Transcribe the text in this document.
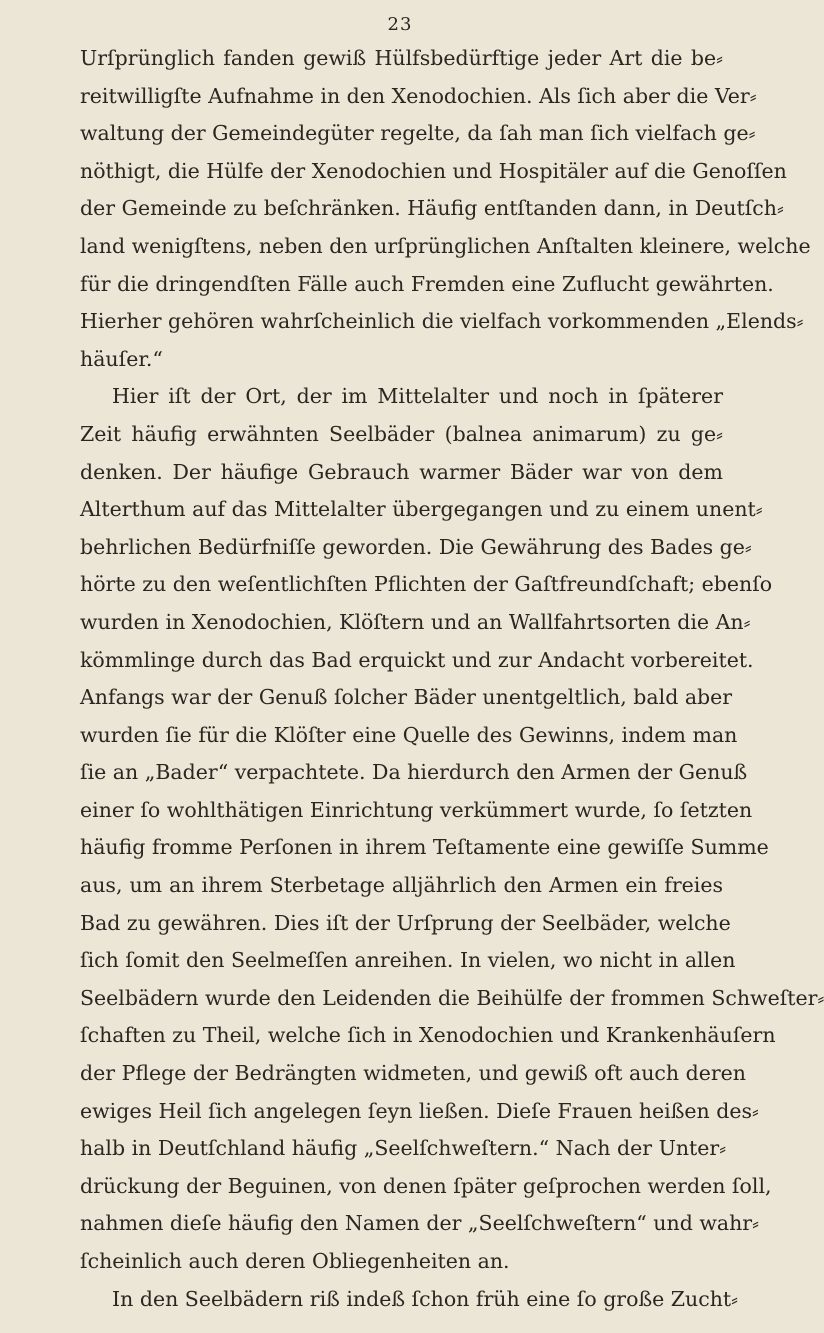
23
Urſprünglich fanden gewiß Hülfsbedürftige jeder Art die be⸗
reitwilligſte Aufnahme in den Xenodochien. Als ſich aber die Ver⸗
waltung der Gemeindegüter regelte, da ſah man ſich vielfach ge⸗
nöthigt, die Hülfe der Xenodochien und Hospitäler auf die Genoſſen
der Gemeinde zu beſchränken. Häufig entſtanden dann, in Deutſch⸗
land wenigſtens, neben den urſprünglichen Anſtalten kleinere, welche
für die dringendſten Fälle auch Fremden eine Zuflucht gewährten.
Hierher gehören wahrſcheinlich die vielfach vorkommenden „Elends⸗
häuſer.“
Hier iſt der Ort, der im Mittelalter und noch in ſpäterer
Zeit häufig erwähnten Seelbäder (balnea animarum) zu ge⸗
denken. Der häufige Gebrauch warmer Bäder war von dem
Alterthum auf das Mittelalter übergegangen und zu einem unent⸗
behrlichen Bedürfniſſe geworden. Die Gewährung des Bades ge⸗
hörte zu den weſentlichſten Pflichten der Gaſtfreundſchaft; ebenſo
wurden in Xenodochien, Klöſtern und an Wallfahrtsorten die An⸗
kömmlinge durch das Bad erquickt und zur Andacht vorbereitet.
Anfangs war der Genuß ſolcher Bäder unentgeltlich, bald aber
wurden ſie für die Klöſter eine Quelle des Gewinns, indem man
ſie an „Bader“ verpachtete. Da hierdurch den Armen der Genuß
einer ſo wohlthätigen Einrichtung verkümmert wurde, ſo ſetzten
häufig fromme Perſonen in ihrem Teſtamente eine gewiſſe Summe
aus, um an ihrem Sterbetage alljährlich den Armen ein freies
Bad zu gewähren. Dies iſt der Urſprung der Seelbäder, welche
ſich ſomit den Seelmeſſen anreihen. In vielen, wo nicht in allen
Seelbädern wurde den Leidenden die Beihülfe der frommen Schweſter⸗
ſchaften zu Theil, welche ſich in Xenodochien und Krankenhäuſern
der Pflege der Bedrängten widmeten, und gewiß oft auch deren
ewiges Heil ſich angelegen ſeyn ließen. Dieſe Frauen heißen des⸗
halb in Deutſchland häufig „Seelſchweſtern.“ Nach der Unter⸗
drückung der Beguinen, von denen ſpäter geſprochen werden ſoll,
nahmen dieſe häufig den Namen der „Seelſchweſtern“ und wahr⸗
ſcheinlich auch deren Obliegenheiten an.
In den Seelbädern riß indeß ſchon früh eine ſo große Zucht⸗
